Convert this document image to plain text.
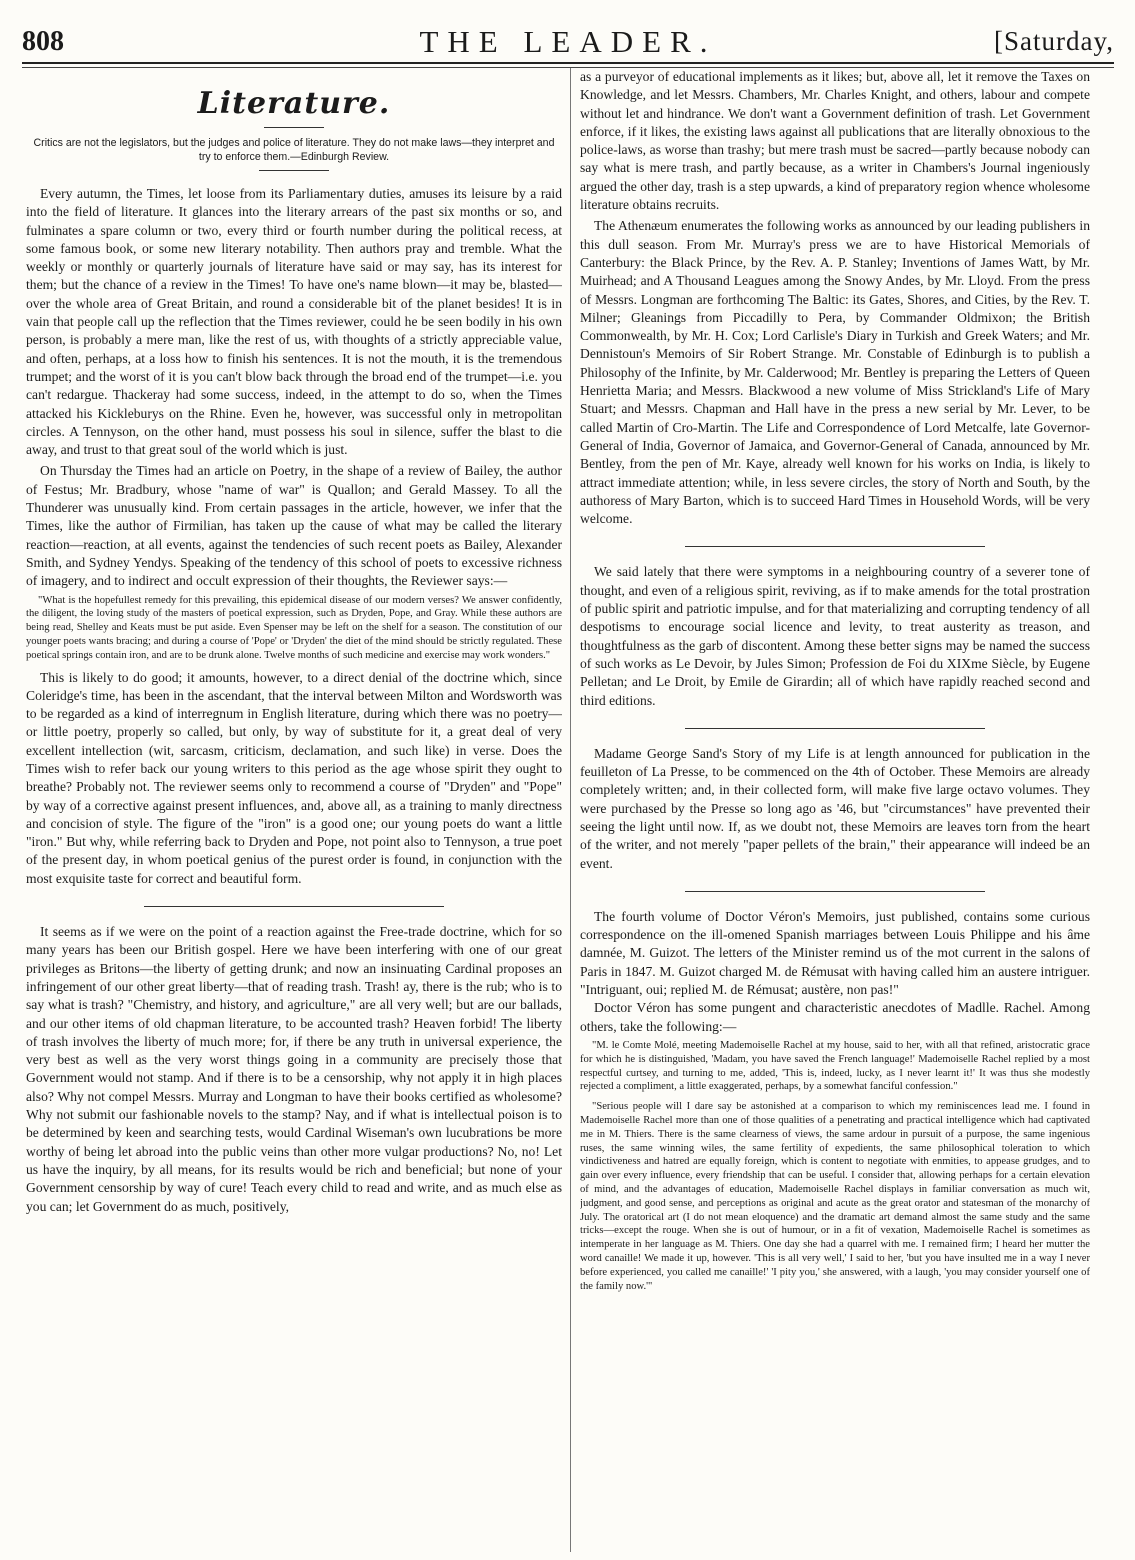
808	THE LEADER.	[Saturday,
Literature.
Critics are not the legislators, but the judges and police of literature. They do not make laws—they interpret and try to enforce them.—Edinburgh Review.

Every autumn, the Times, let loose from its Parliamentary duties, amuses its leisure by a raid into the field of literature. It glances into the literary arrears of the past six months or so, and fulminates a spare column or two, every third or fourth number during the political recess, at some famous book, or some new literary notability. Then authors pray and tremble. What the weekly or monthly or quarterly journals of literature have said or may say, has its interest for them; but the chance of a review in the Times! To have one's name blown—it may be, blasted—over the whole area of Great Britain, and round a considerable bit of the planet besides! It is in vain that people call up the reflection that the Times reviewer, could he be seen bodily in his own person, is probably a mere man, like the rest of us, with thoughts of a strictly appreciable value, and often, perhaps, at a loss how to finish his sentences. It is not the mouth, it is the tremendous trumpet; and the worst of it is you can't blow back through the broad end of the trumpet—i.e. you can't redargue. Thackeray had some success, indeed, in the attempt to do so, when the Times attacked his Kickleburys on the Rhine. Even he, however, was successful only in metropolitan circles. A Tennyson, on the other hand, must possess his soul in silence, suffer the blast to die away, and trust to that great soul of the world which is just.

On Thursday the Times had an article on Poetry, in the shape of a review of Bailey, the author of Festus; Mr. Bradbury, whose "name of war" is Quallon; and Gerald Massey. To all the Thunderer was unusually kind. From certain passages in the article, however, we infer that the Times, like the author of Firmilian, has taken up the cause of what may be called the literary reaction—reaction, at all events, against the tendencies of such recent poets as Bailey, Alexander Smith, and Sydney Yendys. Speaking of the tendency of this school of poets to excessive richness of imagery, and to indirect and occult expression of their thoughts, the Reviewer says:—

"What is the hopefullest remedy for this prevailing, this epidemical disease of our modern verses? We answer confidently, the diligent, the loving study of the masters of poetical expression, such as Dryden, Pope, and Gray. While these authors are being read, Shelley and Keats must be put aside. Even Spenser may be left on the shelf for a season. The constitution of our younger poets wants bracing; and during a course of 'Pope' or 'Dryden' the diet of the mind should be strictly regulated. These poetical springs contain iron, and are to be drunk alone. Twelve months of such medicine and exercise may work wonders."

This is likely to do good; it amounts, however, to a direct denial of the doctrine which, since Coleridge's time, has been in the ascendant, that the interval between Milton and Wordsworth was to be regarded as a kind of interregnum in English literature, during which there was no poetry—or little poetry, properly so called, but only, by way of substitute for it, a great deal of very excellent intellection (wit, sarcasm, criticism, declamation, and such like) in verse. Does the Times wish to refer back our young writers to this period as the age whose spirit they ought to breathe? Probably not. The reviewer seems only to recommend a course of "Dryden" and "Pope" by way of a corrective against present influences, and, above all, as a training to manly directness and concision of style. The figure of the "iron" is a good one; our young poets do want a little "iron." But why, while referring back to Dryden and Pope, not point also to Tennyson, a true poet of the present day, in whom poetical genius of the purest order is found, in conjunction with the most exquisite taste for correct and beautiful form.

It seems as if we were on the point of a reaction against the Free-trade doctrine, which for so many years has been our British gospel. Here we have been interfering with one of our great privileges as Britons—the liberty of getting drunk; and now an insinuating Cardinal proposes an infringement of our other great liberty—that of reading trash. Trash! ay, there is the rub; who is to say what is trash? "Chemistry, and history, and agriculture," are all very well; but are our ballads, and our other items of old chapman literature, to be accounted trash? Heaven forbid! The liberty of trash involves the liberty of much more; for, if there be any truth in universal experience, the very best as well as the very worst things going in a community are precisely those that Government would not stamp. And if there is to be a censorship, why not apply it in high places also? Why not compel Messrs. Murray and Longman to have their books certified as wholesome? Why not submit our fashionable novels to the stamp? Nay, and if what is intellectual poison is to be determined by keen and searching tests, would Cardinal Wiseman's own lucubrations be more worthy of being let abroad into the public veins than other more vulgar productions? No, no! Let us have the inquiry, by all means, for its results would be rich and beneficial; but none of your Government censorship by way of cure! Teach every child to read and write, and as much else as you can; let Government do as much, positively,

as a purveyor of educational implements as it likes; but, above all, let it remove the Taxes on Knowledge, and let Messrs. Chambers, Mr. Charles Knight, and others, labour and compete without let and hindrance. We don't want a Government definition of trash. Let Government enforce, if it likes, the existing laws against all publications that are literally obnoxious to the police-laws, as worse than trashy; but mere trash must be sacred—partly because nobody can say what is mere trash, and partly because, as a writer in Chambers's Journal ingeniously argued the other day, trash is a step upwards, a kind of preparatory region whence wholesome literature obtains recruits.

The Athenæum enumerates the following works as announced by our leading publishers in this dull season. From Mr. Murray's press we are to have Historical Memorials of Canterbury: the Black Prince, by the Rev. A. P. Stanley; Inventions of James Watt, by Mr. Muirhead; and A Thousand Leagues among the Snowy Andes, by Mr. Lloyd. From the press of Messrs. Longman are forthcoming The Baltic: its Gates, Shores, and Cities, by the Rev. T. Milner; Gleanings from Piccadilly to Pera, by Commander Oldmixon; the British Commonwealth, by Mr. H. Cox; Lord Carlisle's Diary in Turkish and Greek Waters; and Mr. Dennistoun's Memoirs of Sir Robert Strange. Mr. Constable of Edinburgh is to publish a Philosophy of the Infinite, by Mr. Calderwood; Mr. Bentley is preparing the Letters of Queen Henrietta Maria; and Messrs. Blackwood a new volume of Miss Strickland's Life of Mary Stuart; and Messrs. Chapman and Hall have in the press a new serial by Mr. Lever, to be called Martin of Cro-Martin. The Life and Correspondence of Lord Metcalfe, late Governor-General of India, Governor of Jamaica, and Governor-General of Canada, announced by Mr. Bentley, from the pen of Mr. Kaye, already well known for his works on India, is likely to attract immediate attention; while, in less severe circles, the story of North and South, by the authoress of Mary Barton, which is to succeed Hard Times in Household Words, will be very welcome.

We said lately that there were symptoms in a neighbouring country of a severer tone of thought, and even of a religious spirit, reviving, as if to make amends for the total prostration of public spirit and patriotic impulse, and for that materializing and corrupting tendency of all despotisms to encourage social licence and levity, to treat austerity as treason, and thoughtfulness as the garb of discontent. Among these better signs may be named the success of such works as Le Devoir, by Jules Simon; Profession de Foi du XIXme Siècle, by Eugene Pelletan; and Le Droit, by Emile de Girardin; all of which have rapidly reached second and third editions.

Madame George Sand's Story of my Life is at length announced for publication in the feuilleton of La Presse, to be commenced on the 4th of October. These Memoirs are already completely written; and, in their collected form, will make five large octavo volumes. They were purchased by the Presse so long ago as '46, but "circumstances" have prevented their seeing the light until now. If, as we doubt not, these Memoirs are leaves torn from the heart of the writer, and not merely "paper pellets of the brain," their appearance will indeed be an event.

The fourth volume of Doctor Véron's Memoirs, just published, contains some curious correspondence on the ill-omened Spanish marriages between Louis Philippe and his âme damnée, M. Guizot. The letters of the Minister remind us of the mot current in the salons of Paris in 1847. M. Guizot charged M. de Rémusat with having called him an austere intriguer. "Intriguant, oui; replied M. de Rémusat; austère, non pas!"

Doctor Véron has some pungent and characteristic anecdotes of Madlle. Rachel. Among others, take the following:—

"M. le Comte Molé, meeting Mademoiselle Rachel at my house, said to her, with all that refined, aristocratic grace for which he is distinguished, 'Madam, you have saved the French language!' Mademoiselle Rachel replied by a most respectful curtsey, and turning to me, added, 'This is, indeed, lucky, as I never learnt it!' It was thus she modestly rejected a compliment, a little exaggerated, perhaps, by a somewhat fanciful confession."

"Serious people will I dare say be astonished at a comparison to which my reminiscences lead me. I found in Mademoiselle Rachel more than one of those qualities of a penetrating and practical intelligence which had captivated me in M. Thiers. There is the same clearness of views, the same ardour in pursuit of a purpose, the same ingenious ruses, the same winning wiles, the same fertility of expedients, the same philosophical toleration to which vindictiveness and hatred are equally foreign, which is content to negotiate with enmities, to appease grudges, and to gain over every influence, every friendship that can be useful. I consider that, allowing perhaps for a certain elevation of mind, and the advantages of education, Mademoiselle Rachel displays in familiar conversation as much wit, judgment, and good sense, and perceptions as original and acute as the great orator and statesman of the monarchy of July. The oratorical art (I do not mean eloquence) and the dramatic art demand almost the same study and the same tricks—except the rouge. When she is out of humour, or in a fit of vexation, Mademoiselle Rachel is sometimes as intemperate in her language as M. Thiers. One day she had a quarrel with me. I remained firm; I heard her mutter the word canaille! We made it up, however. 'This is all very well,' I said to her, 'but you have insulted me in a way I never before experienced, you called me canaille!' 'I pity you,' she answered, with a laugh, 'you may consider yourself one of the family now.'"
